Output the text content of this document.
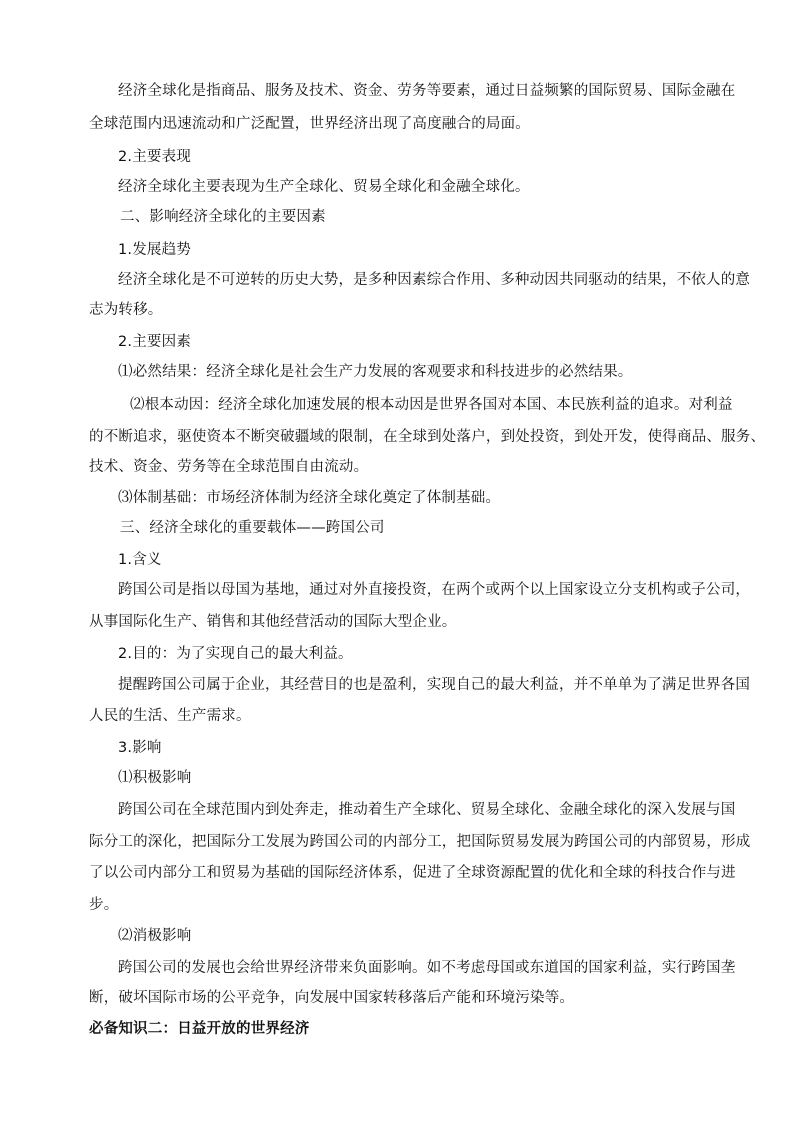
经济全球化是指商品、服务及技术、资金、劳务等要素，通过日益频繁的国际贸易、国际金融在
全球范围内迅速流动和广泛配置，世界经济出现了高度融合的局面。
2.主要表现
经济全球化主要表现为生产全球化、贸易全球化和金融全球化。
二、影响经济全球化的主要因素
1.发展趋势
经济全球化是不可逆转的历史大势，是多种因素综合作用、多种动因共同驱动的结果，不依人的意
志为转移。
2.主要因素
⑴必然结果：经济全球化是社会生产力发展的客观要求和科技进步的必然结果。
⑵根本动因：经济全球化加速发展的根本动因是世界各国对本国、本民族利益的追求。对利益
的不断追求，驱使资本不断突破疆域的限制，在全球到处落户，到处投资，到处开发，使得商品、服务、
技术、资金、劳务等在全球范围自由流动。
⑶体制基础：市场经济体制为经济全球化奠定了体制基础。
三、经济全球化的重要载体——跨国公司
1.含义
跨国公司是指以母国为基地，通过对外直接投资，在两个或两个以上国家设立分支机构或子公司，
从事国际化生产、销售和其他经营活动的国际大型企业。
2.目的：为了实现自己的最大利益。
提醒跨国公司属于企业，其经营目的也是盈利，实现自己的最大利益，并不单单为了满足世界各国
人民的生活、生产需求。
3.影响
⑴积极影响
跨国公司在全球范围内到处奔走，推动着生产全球化、贸易全球化、金融全球化的深入发展与国
际分工的深化，把国际分工发展为跨国公司的内部分工，把国际贸易发展为跨国公司的内部贸易，形成
了以公司内部分工和贸易为基础的国际经济体系，促进了全球资源配置的优化和全球的科技合作与进
步。
⑵消极影响
跨国公司的发展也会给世界经济带来负面影响。如不考虑母国或东道国的国家利益，实行跨国垄
断，破坏国际市场的公平竞争，向发展中国家转移落后产能和环境污染等。
必备知识二：日益开放的世界经济
